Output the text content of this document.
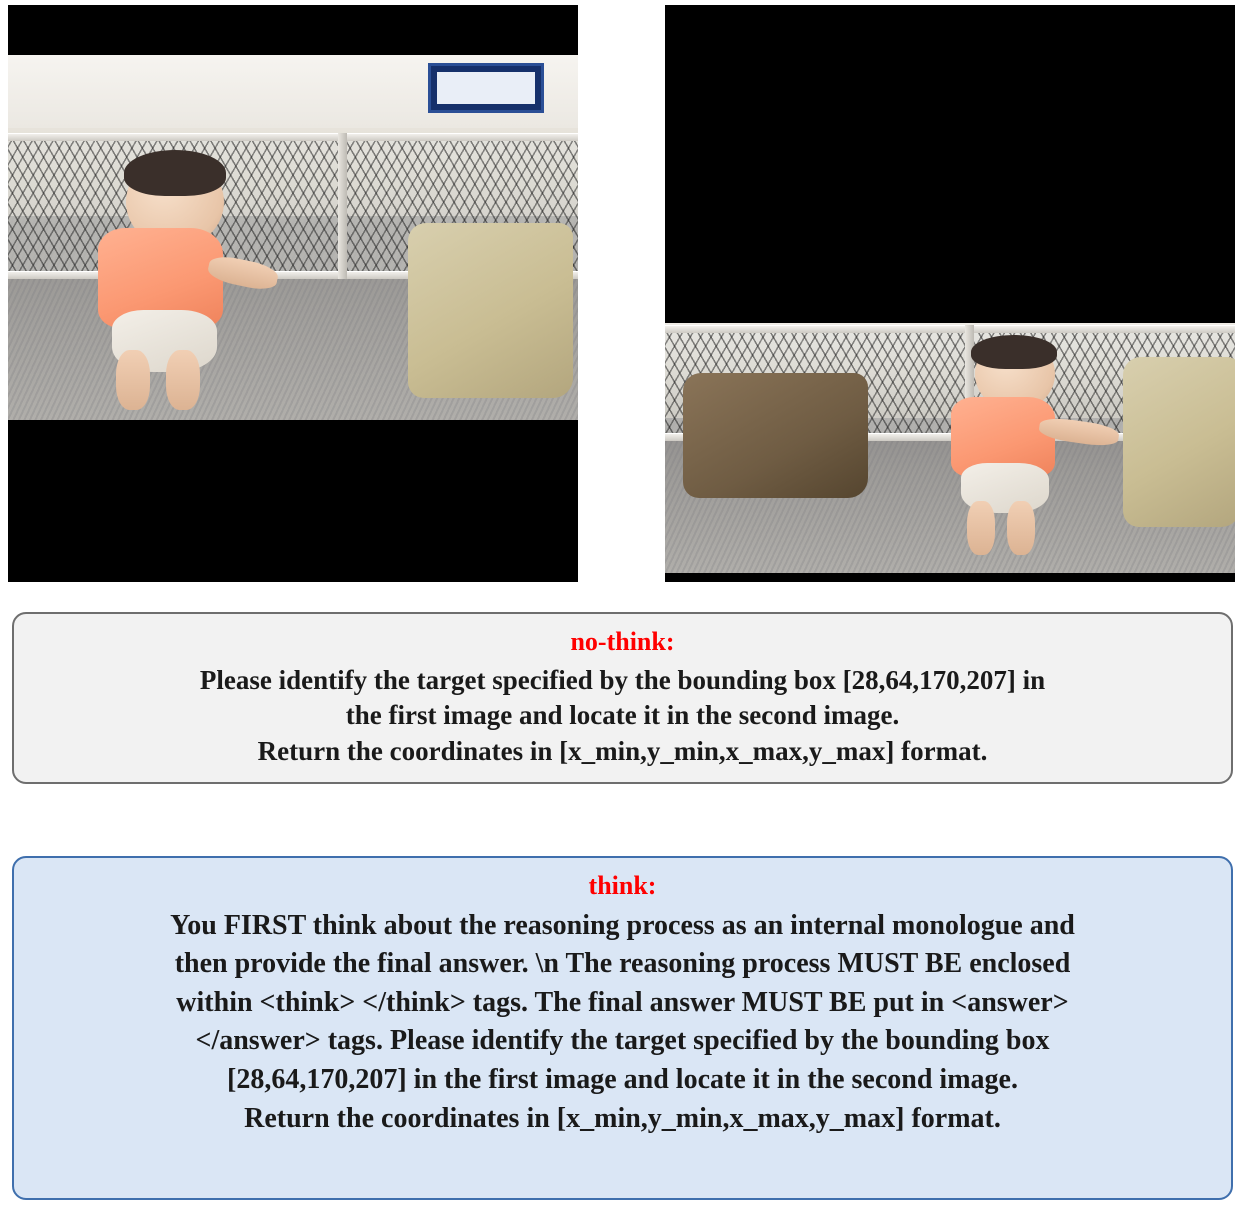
no-think:
Please identify the target specified by the bounding box [28,64,170,207] in
the first image and locate it in the second image.
Return the coordinates in [x_min,y_min,x_max,y_max] format.
think:
You FIRST think about the reasoning process as an internal monologue and
then provide the final answer. \n The reasoning process MUST BE enclosed
within <think> </think> tags. The final answer MUST BE put in <answer>
</answer> tags. Please identify the target specified by the bounding box
[28,64,170,207] in the first image and locate it in the second image.
Return the coordinates in [x_min,y_min,x_max,y_max] format.
